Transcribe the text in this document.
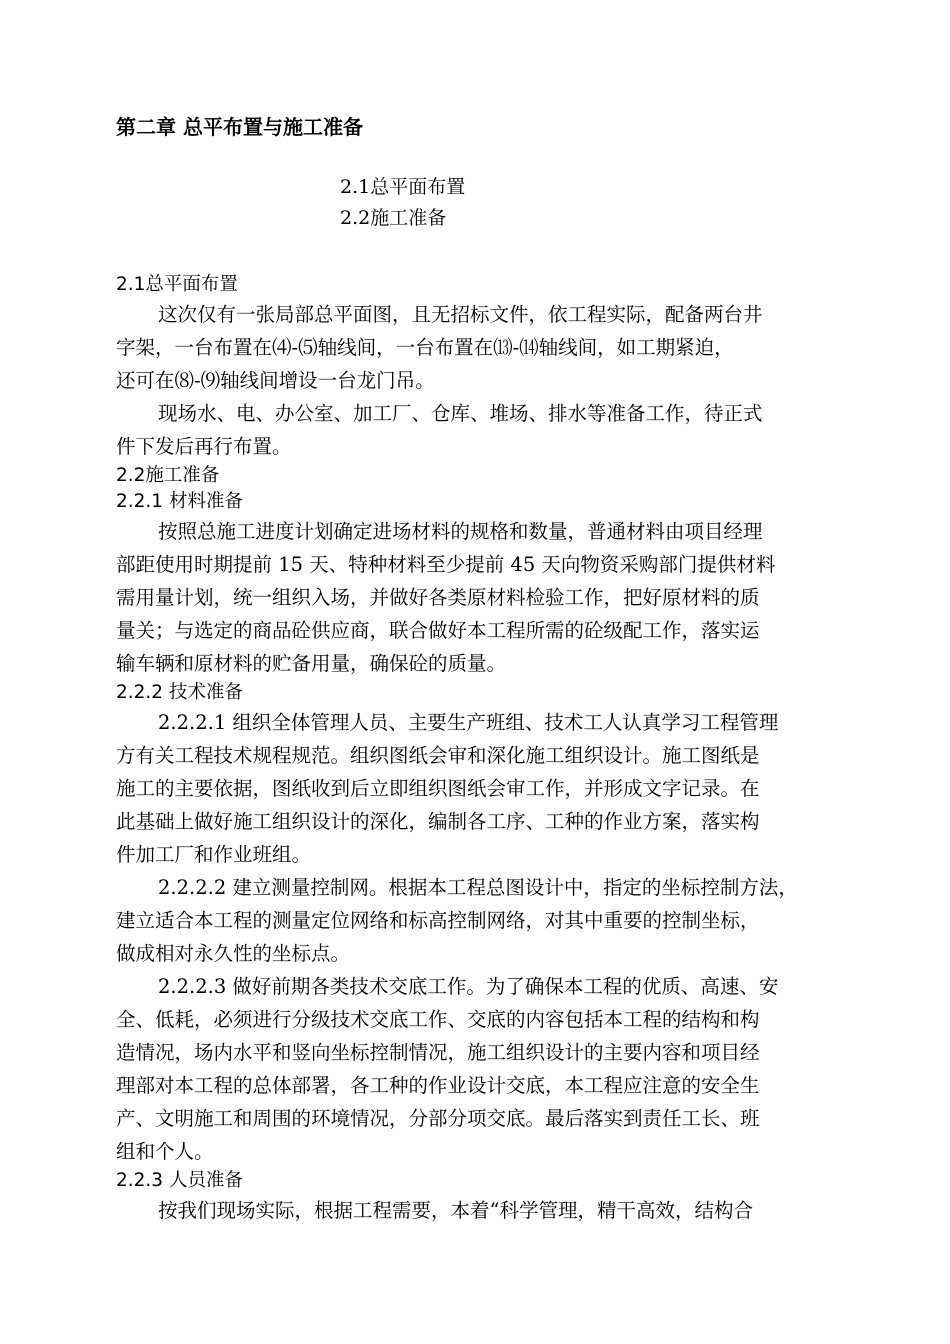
第二章 总平布置与施工准备
2.1总平面布置
2.2施工准备
2.1总平面布置
这次仅有一张局部总平面图，且无招标文件，依工程实际，配备两台井
字架，一台布置在⑷-⑸轴线间，一台布置在⒀-⒁轴线间，如工期紧迫，
还可在⑻-⑼轴线间增设一台龙门吊。
现场水、电、办公室、加工厂、仓库、堆场、排水等准备工作，待正式
件下发后再行布置。
2.2施工准备
2.2.1 材料准备
按照总施工进度计划确定进场材料的规格和数量，普通材料由项目经理
部距使用时期提前 15 天、特种材料至少提前 45 天向物资采购部门提供材料
需用量计划，统一组织入场，并做好各类原材料检验工作，把好原材料的质
量关；与选定的商品砼供应商，联合做好本工程所需的砼级配工作，落实运
输车辆和原材料的贮备用量，确保砼的质量。
2.2.2 技术准备
2.2.2.1 组织全体管理人员、主要生产班组、技术工人认真学习工程管理
方有关工程技术规程规范。组织图纸会审和深化施工组织设计。施工图纸是
施工的主要依据，图纸收到后立即组织图纸会审工作，并形成文字记录。在
此基础上做好施工组织设计的深化，编制各工序、工种的作业方案，落实构
件加工厂和作业班组。
2.2.2.2 建立测量控制网。根据本工程总图设计中，指定的坐标控制方法，
建立适合本工程的测量定位网络和标高控制网络，对其中重要的控制坐标，
做成相对永久性的坐标点。
2.2.2.3 做好前期各类技术交底工作。为了确保本工程的优质、高速、安
全、低耗，必须进行分级技术交底工作、交底的内容包括本工程的结构和构
造情况，场内水平和竖向坐标控制情况，施工组织设计的主要内容和项目经
理部对本工程的总体部署，各工种的作业设计交底，本工程应注意的安全生
产、文明施工和周围的环境情况，分部分项交底。最后落实到责任工长、班
组和个人。
2.2.3 人员准备
按我们现场实际，根据工程需要，本着“科学管理，精干高效，结构合
